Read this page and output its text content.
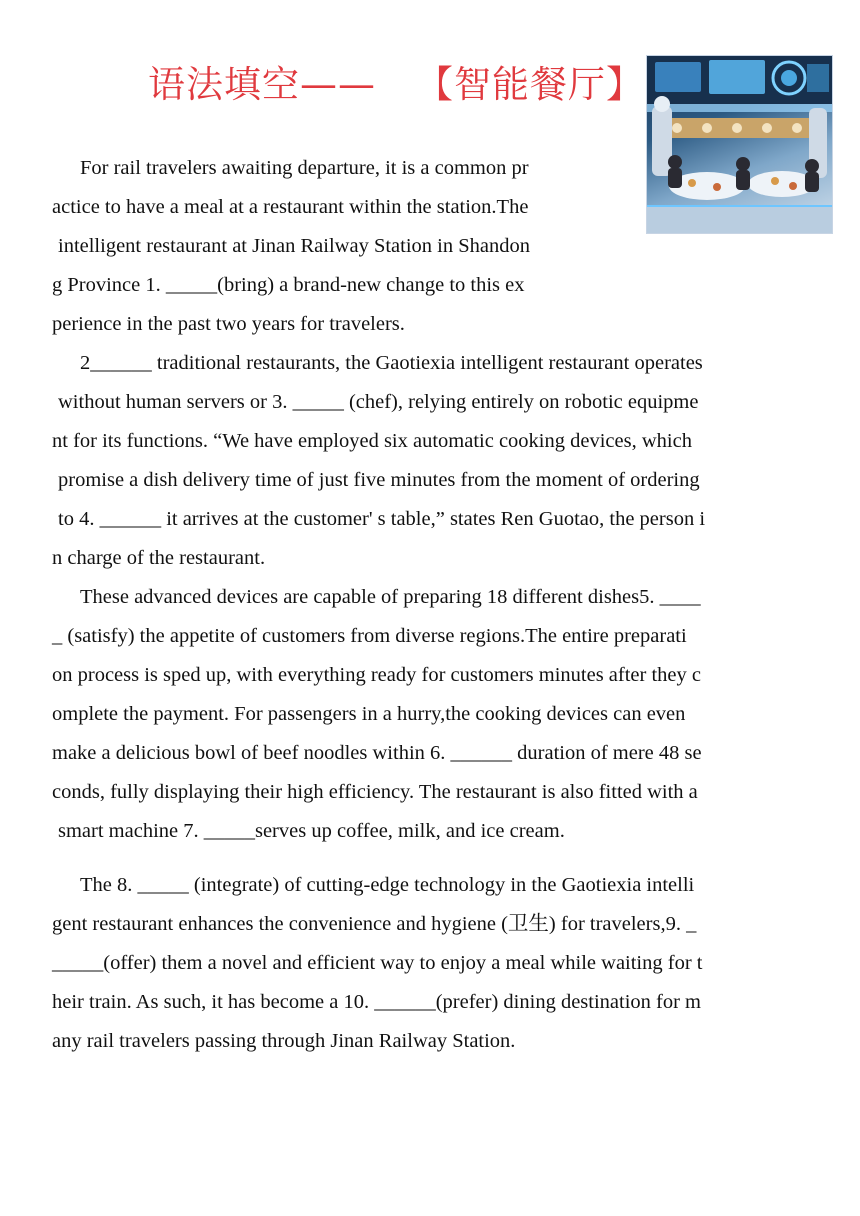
语法填空—— 【智能餐厅】
For rail travelers awaiting departure, it is a common pr
actice to have a meal at a restaurant within the station.The
intelligent restaurant at Jinan Railway Station in Shandon
g Province 1. _____(bring) a brand-new change to this ex
perience in the past two years for travelers.
2______ traditional restaurants, the Gaotiexia intelligent restaurant operates
without human servers or 3. _____ (chef), relying entirely on robotic equipme
nt for its functions. “We have employed six automatic cooking devices, which
promise a dish delivery time of just five minutes from the moment of ordering
to 4. ______ it arrives at the customer' s table,” states Ren Guotao, the person i
n charge of the restaurant.
These advanced devices are capable of preparing 18 different dishes5. ____
_ (satisfy) the appetite of customers from diverse regions.The entire preparati
on process is sped up, with everything ready for customers minutes after they c
omplete the payment. For passengers in a hurry,the cooking devices can even
make a delicious bowl of beef noodles within 6. ______ duration of mere 48 se
conds, fully displaying their high efficiency. The restaurant is also fitted with a
smart machine 7. _____serves up coffee, milk, and ice cream.
The 8. _____ (integrate) of cutting-edge technology in the Gaotiexia intelli
gent restaurant enhances the convenience and hygiene (卫生) for travelers,9. _
_____(offer) them a novel and efficient way to enjoy a meal while waiting for t
heir train. As such, it has become a 10. ______(prefer) dining destination for m
any rail travelers passing through Jinan Railway Station.
